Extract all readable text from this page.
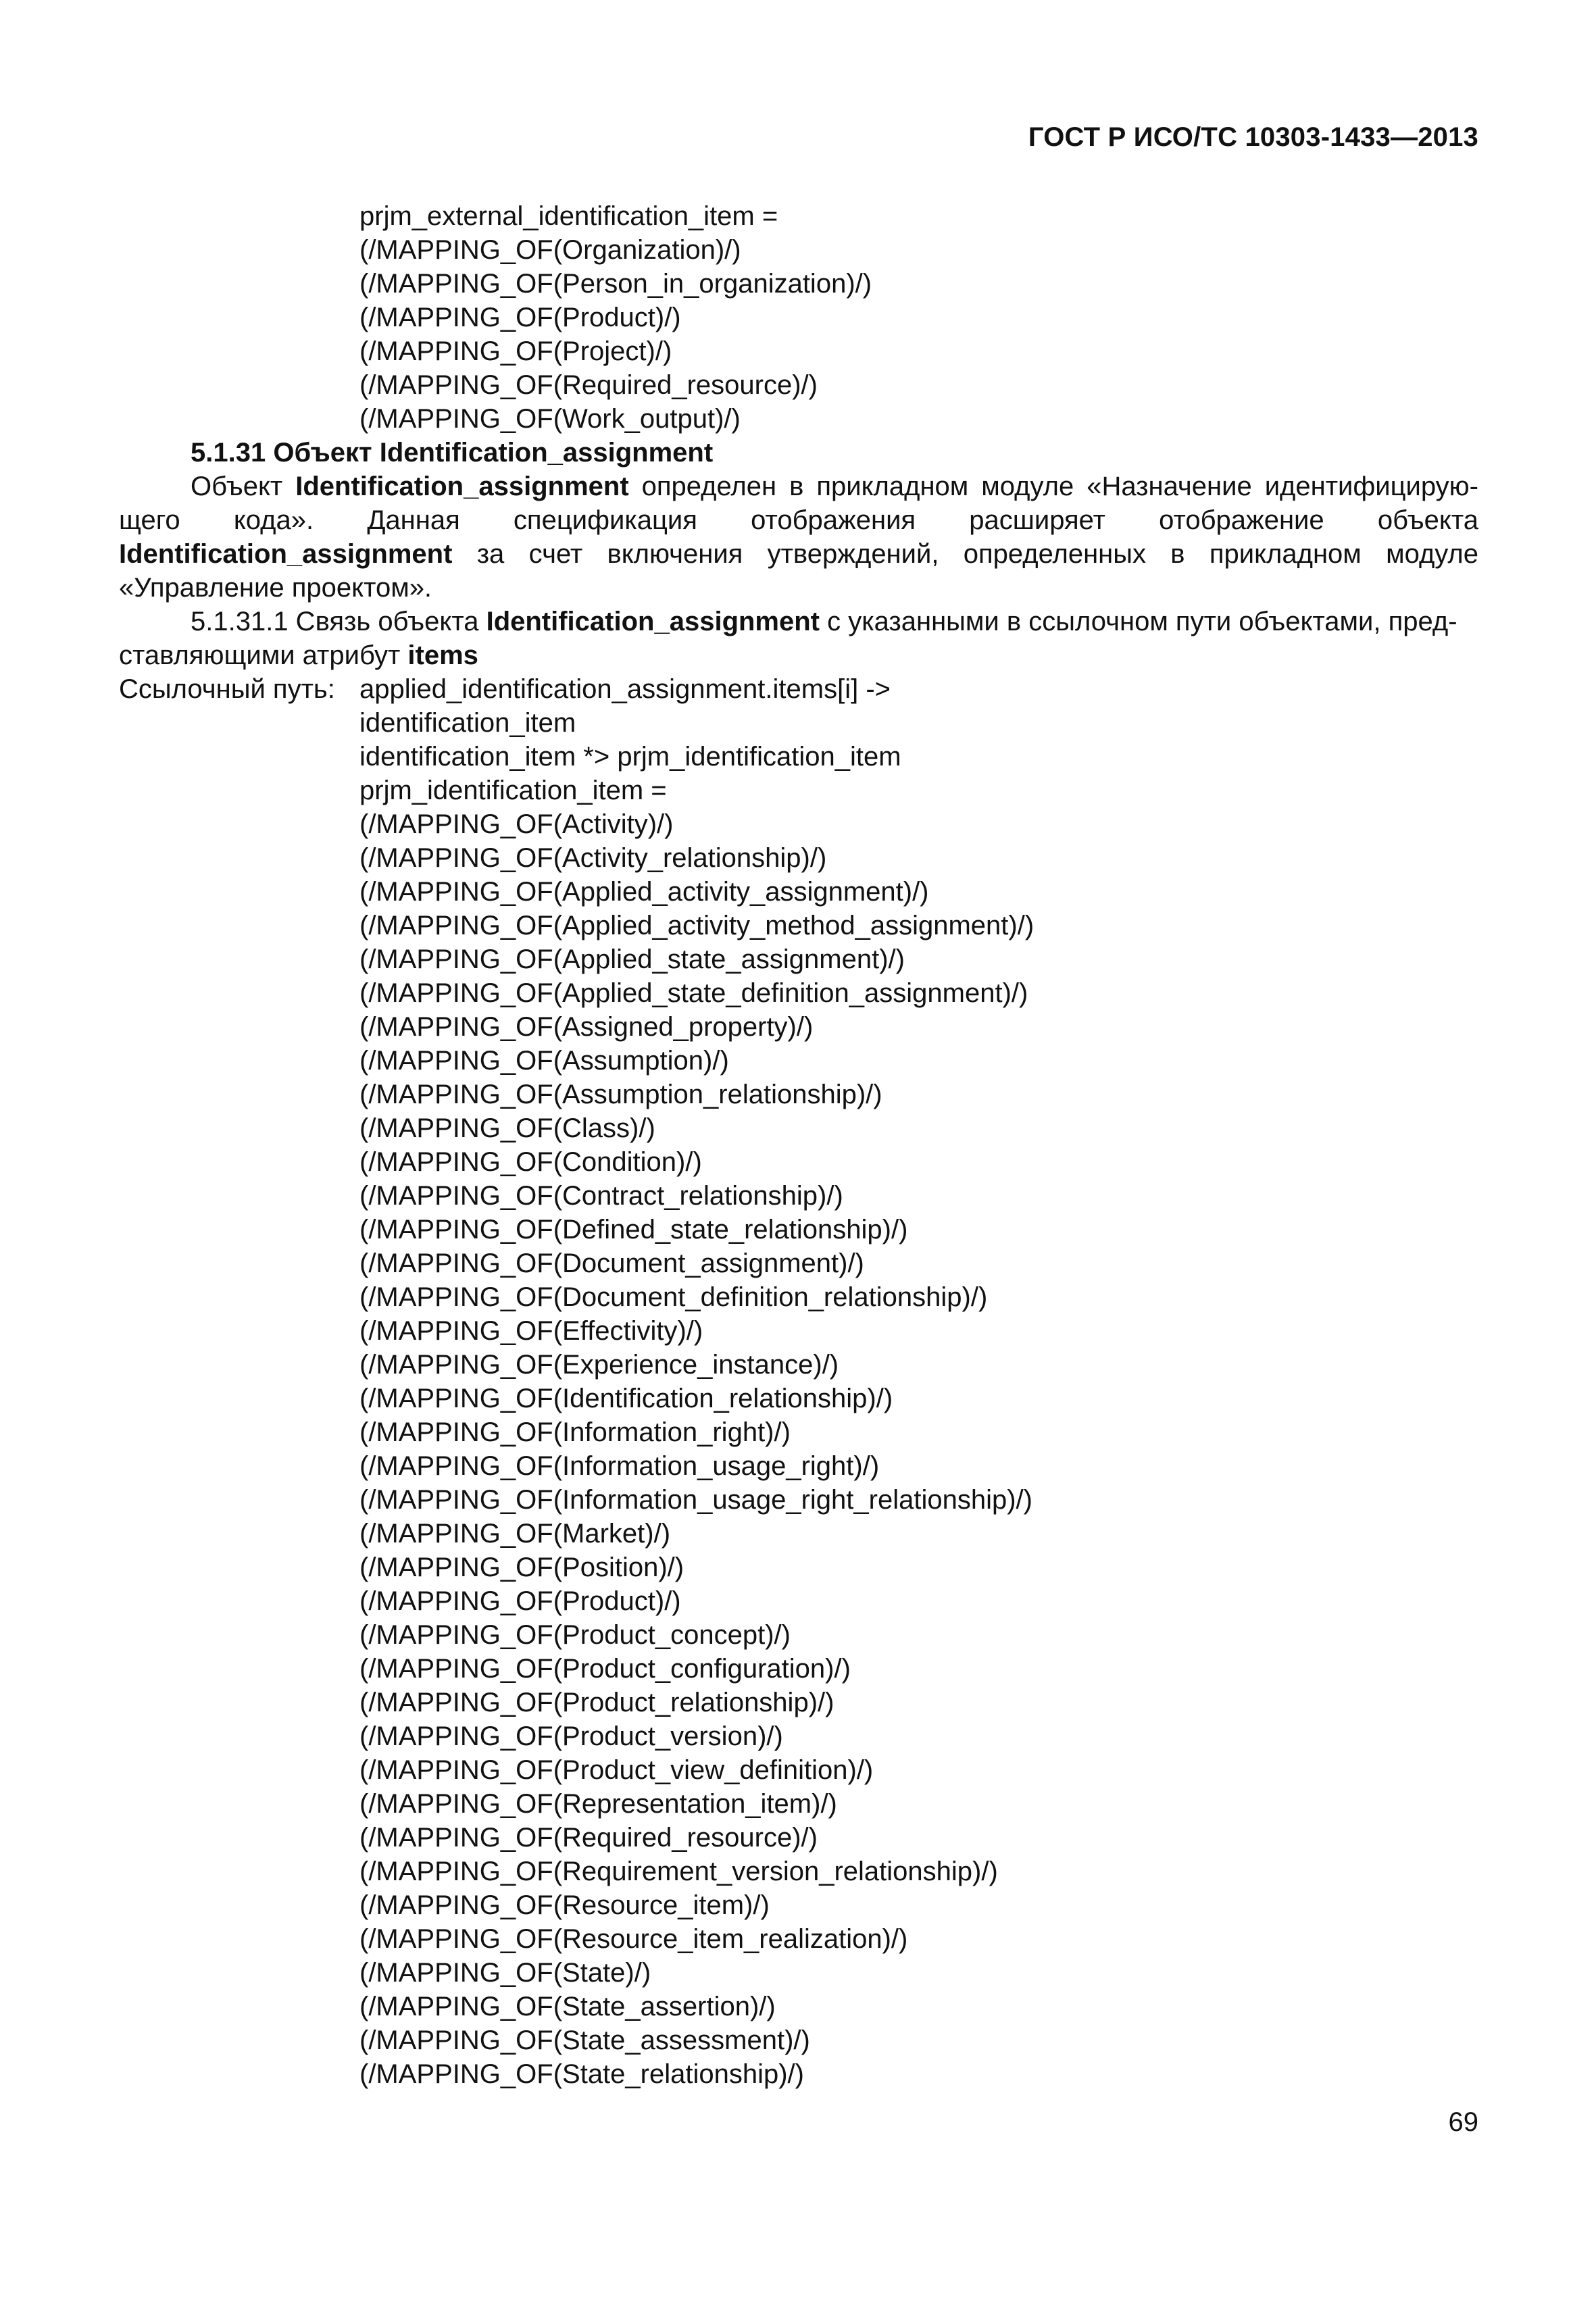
ГОСТ Р ИСО/ТС 10303-1433—2013
prjm_external_identification_item =
(/MAPPING_OF(Organization)/)
(/MAPPING_OF(Person_in_organization)/)
(/MAPPING_OF(Product)/)
(/MAPPING_OF(Project)/)
(/MAPPING_OF(Required_resource)/)
(/MAPPING_OF(Work_output)/)
5.1.31 Объект Identification_assignment
Объект Identification_assignment определен в прикладном модуле «Назначение идентифицирую-щего кода». Данная спецификация отображения расширяет отображение объекта Identification_assignment за счет включения утверждений, определенных в прикладном модуле «Управление проектом».
5.1.31.1 Связь объекта Identification_assignment с указанными в ссылочном пути объектами, пред-ставляющими атрибут items
Ссылочный путь: applied_identification_assignment.items[i] ->
identification_item
identification_item *> prjm_identification_item
prjm_identification_item =
(/MAPPING_OF(Activity)/)
(/MAPPING_OF(Activity_relationship)/)
(/MAPPING_OF(Applied_activity_assignment)/)
(/MAPPING_OF(Applied_activity_method_assignment)/)
(/MAPPING_OF(Applied_state_assignment)/)
(/MAPPING_OF(Applied_state_definition_assignment)/)
(/MAPPING_OF(Assigned_property)/)
(/MAPPING_OF(Assumption)/)
(/MAPPING_OF(Assumption_relationship)/)
(/MAPPING_OF(Class)/)
(/MAPPING_OF(Condition)/)
(/MAPPING_OF(Contract_relationship)/)
(/MAPPING_OF(Defined_state_relationship)/)
(/MAPPING_OF(Document_assignment)/)
(/MAPPING_OF(Document_definition_relationship)/)
(/MAPPING_OF(Effectivity)/)
(/MAPPING_OF(Experience_instance)/)
(/MAPPING_OF(Identification_relationship)/)
(/MAPPING_OF(Information_right)/)
(/MAPPING_OF(Information_usage_right)/)
(/MAPPING_OF(Information_usage_right_relationship)/)
(/MAPPING_OF(Market)/)
(/MAPPING_OF(Position)/)
(/MAPPING_OF(Product)/)
(/MAPPING_OF(Product_concept)/)
(/MAPPING_OF(Product_configuration)/)
(/MAPPING_OF(Product_relationship)/)
(/MAPPING_OF(Product_version)/)
(/MAPPING_OF(Product_view_definition)/)
(/MAPPING_OF(Representation_item)/)
(/MAPPING_OF(Required_resource)/)
(/MAPPING_OF(Requirement_version_relationship)/)
(/MAPPING_OF(Resource_item)/)
(/MAPPING_OF(Resource_item_realization)/)
(/MAPPING_OF(State)/)
(/MAPPING_OF(State_assertion)/)
(/MAPPING_OF(State_assessment)/)
(/MAPPING_OF(State_relationship)/)
69
